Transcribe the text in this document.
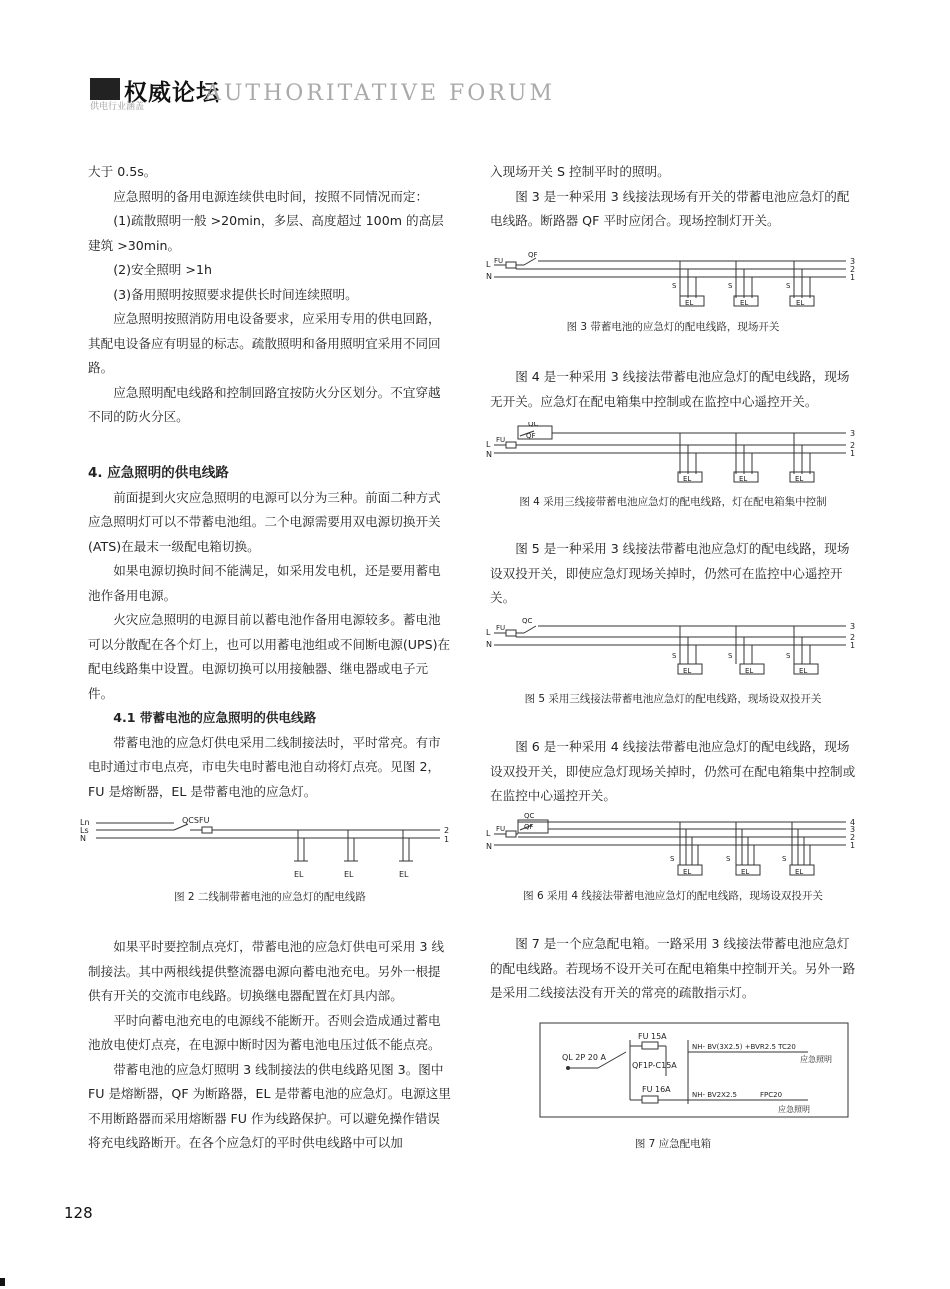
权威论坛
AUTHORITATIVE FORUM
供电行业涵盖

大于 0.5s。

应急照明的备用电源连续供电时间，按照不同情况而定：

(1)疏散照明一般 >20min，多层、高度超过 100m 的高层建筑 >30min。

(2)安全照明 >1h

(3)备用照明按照要求提供长时间连续照明。

应急照明按照消防用电设备要求，应采用专用的供电回路，其配电设备应有明显的标志。疏散照明和备用照明宜采用不同回路。

应急照明配电线路和控制回路宜按防火分区划分。不宜穿越不同的防火分区。

4. 应急照明的供电线路

前面提到火灾应急照明的电源可以分为三种。前面二种方式应急照明灯可以不带蓄电池组。二个电源需要用双电源切换开关(ATS)在最末一级配电箱切换。

如果电源切换时间不能满足，如采用发电机，还是要用蓄电池作备用电源。

火灾应急照明的电源目前以蓄电池作备用电源较多。蓄电池可以分散配在各个灯上，也可以用蓄电池组或不间断电源(UPS)在配电线路集中设置。电源切换可以用接触器、继电器或电子元件。

4.1 带蓄电池的应急照明的供电线路

带蓄电池的应急灯供电采用二线制接法时，平时常亮。有市电时通过市电点亮，市电失电时蓄电池自动将灯点亮。见图 2，FU 是熔断器，EL 是带蓄电池的应急灯。

Ln
Ls
N
QCSFU
2
1
EL	EL	EL
图 2 二线制带蓄电池的应急灯的配电线路

如果平时要控制点亮灯，带蓄电池的应急灯供电可采用 3 线制接法。其中两根线提供整流器电源向蓄电池充电。另外一根提供有开关的交流市电线路。切换继电器配置在灯具内部。

平时向蓄电池充电的电源线不能断开。否则会造成通过蓄电池放电使灯点亮，在电源中断时因为蓄电池电压过低不能点亮。

带蓄电池的应急灯照明 3 线制接法的供电线路见图 3。图中 FU 是熔断器，QF 为断路器，EL 是带蓄电池的应急灯。电源这里不用断路器而采用熔断器 FU 作为线路保护。可以避免操作错误将充电线路断开。在各个应急灯的平时供电线路中可以加

入现场开关 S 控制平时的照明。

图 3 是一种采用 3 线接法现场有开关的带蓄电池应急灯的配电线路。断路器 QF 平时应闭合。现场控制灯开关。

L FU
N
QF
S	S	S
EL	EL	EL
3
2
1
图 3 带蓄电池的应急灯的配电线路，现场开关

图 4 是一种采用 3 线接法带蓄电池应急灯的配电线路，现场无开关。应急灯在配电箱集中控制或在监控中心遥控开关。

L FU
N
QC
QF
EL	EL	EL
3
2
1
图 4 采用三线接带蓄电池应急灯的配电线路，灯在配电箱集中控制

图 5 是一种采用 3 线接法带蓄电池应急灯的配电线路，现场设双投开关，即使应急灯现场关掉时，仍然可在监控中心遥控开关。

L FU
N
QC
S	S	S
EL	EL	EL
3
2
1
图 5 采用三线接法带蓄电池应急灯的配电线路，现场设双投开关

图 6 是一种采用 4 线接法带蓄电池应急灯的配电线路，现场设双投开关，即使应急灯现场关掉时，仍然可在配电箱集中控制或在监控中心遥控开关。

L FU
N
QC
QF
S	S	S
EL	EL	EL
4
3
2
1
图 6 采用 4 线接法带蓄电池应急灯的配电线路，现场设双投开关

图 7 是一个应急配电箱。一路采用 3 线接法带蓄电池应急灯的配电线路。若现场不设开关可在配电箱集中控制开关。另外一路是采用二线接法没有开关的常亮的疏散指示灯。

QL 2P 20 A
FU 15A
QF1P-C15A
FU 16A
NH- BV(3X2.5) +BVR2.5 TC20
NH- BV2X2.5	FPC20
应急照明
应急照明
图 7 应急配电箱
128
